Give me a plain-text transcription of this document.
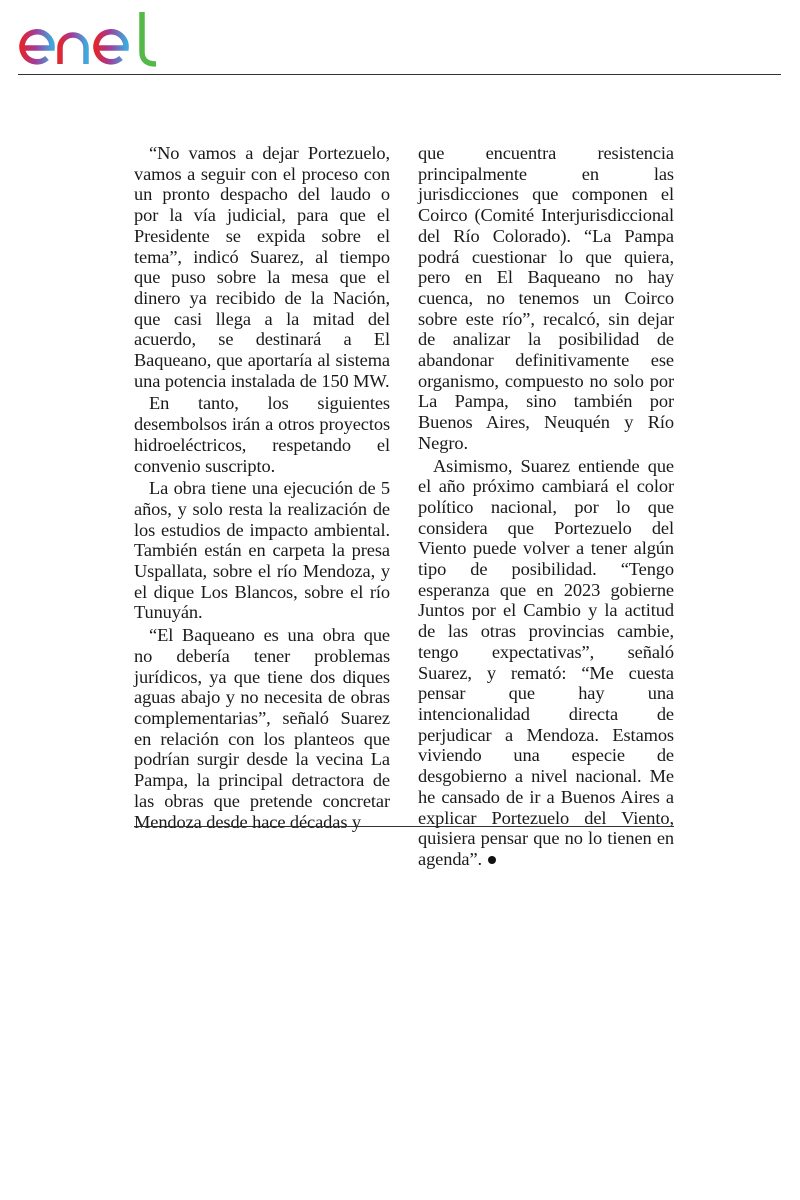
enel

“No vamos a dejar Portezuelo, vamos a seguir con el proceso con un pronto despacho del laudo o por la vía judicial, para que el Presidente se expida sobre el tema”, indicó Suarez, al tiempo que puso sobre la mesa que el dinero ya recibido de la Nación, que casi llega a la mitad del acuerdo, se destinará a El Baqueano, que aportaría al sistema una potencia instalada de 150 MW.

En tanto, los siguientes desembolsos irán a otros proyectos hidroeléctricos, respetando el convenio suscripto.

La obra tiene una ejecución de 5 años, y solo resta la realización de los estudios de impacto ambiental. También están en carpeta la presa Uspallata, sobre el río Mendoza, y el dique Los Blancos, sobre el río Tunuyán.

“El Baqueano es una obra que no debería tener problemas jurídicos, ya que tiene dos diques aguas abajo y no necesita de obras complementarias”, señaló Suarez en relación con los planteos que podrían surgir desde la vecina La Pampa, la principal detractora de las obras que pretende concretar Mendoza desde hace décadas y

que encuentra resistencia principalmente en las jurisdicciones que componen el Coirco (Comité Interjurisdiccional del Río Colorado). “La Pampa podrá cuestionar lo que quiera, pero en El Baqueano no hay cuenca, no tenemos un Coirco sobre este río”, recalcó, sin dejar de analizar la posibilidad de abandonar definitivamente ese organismo, compuesto no solo por La Pampa, sino también por Buenos Aires, Neuquén y Río Negro.

Asimismo, Suarez entiende que el año próximo cambiará el color político nacional, por lo que considera que Portezuelo del Viento puede volver a tener algún tipo de posibilidad. “Tengo esperanza que en 2023 gobierne Juntos por el Cambio y la actitud de las otras provincias cambie, tengo expectativas”, señaló Suarez, y remató: “Me cuesta pensar que hay una intencionalidad directa de perjudicar a Mendoza. Estamos viviendo una especie de desgobierno a nivel nacional. Me he cansado de ir a Buenos Aires a explicar Portezuelo del Viento, quisiera pensar que no lo tienen en agenda”.
